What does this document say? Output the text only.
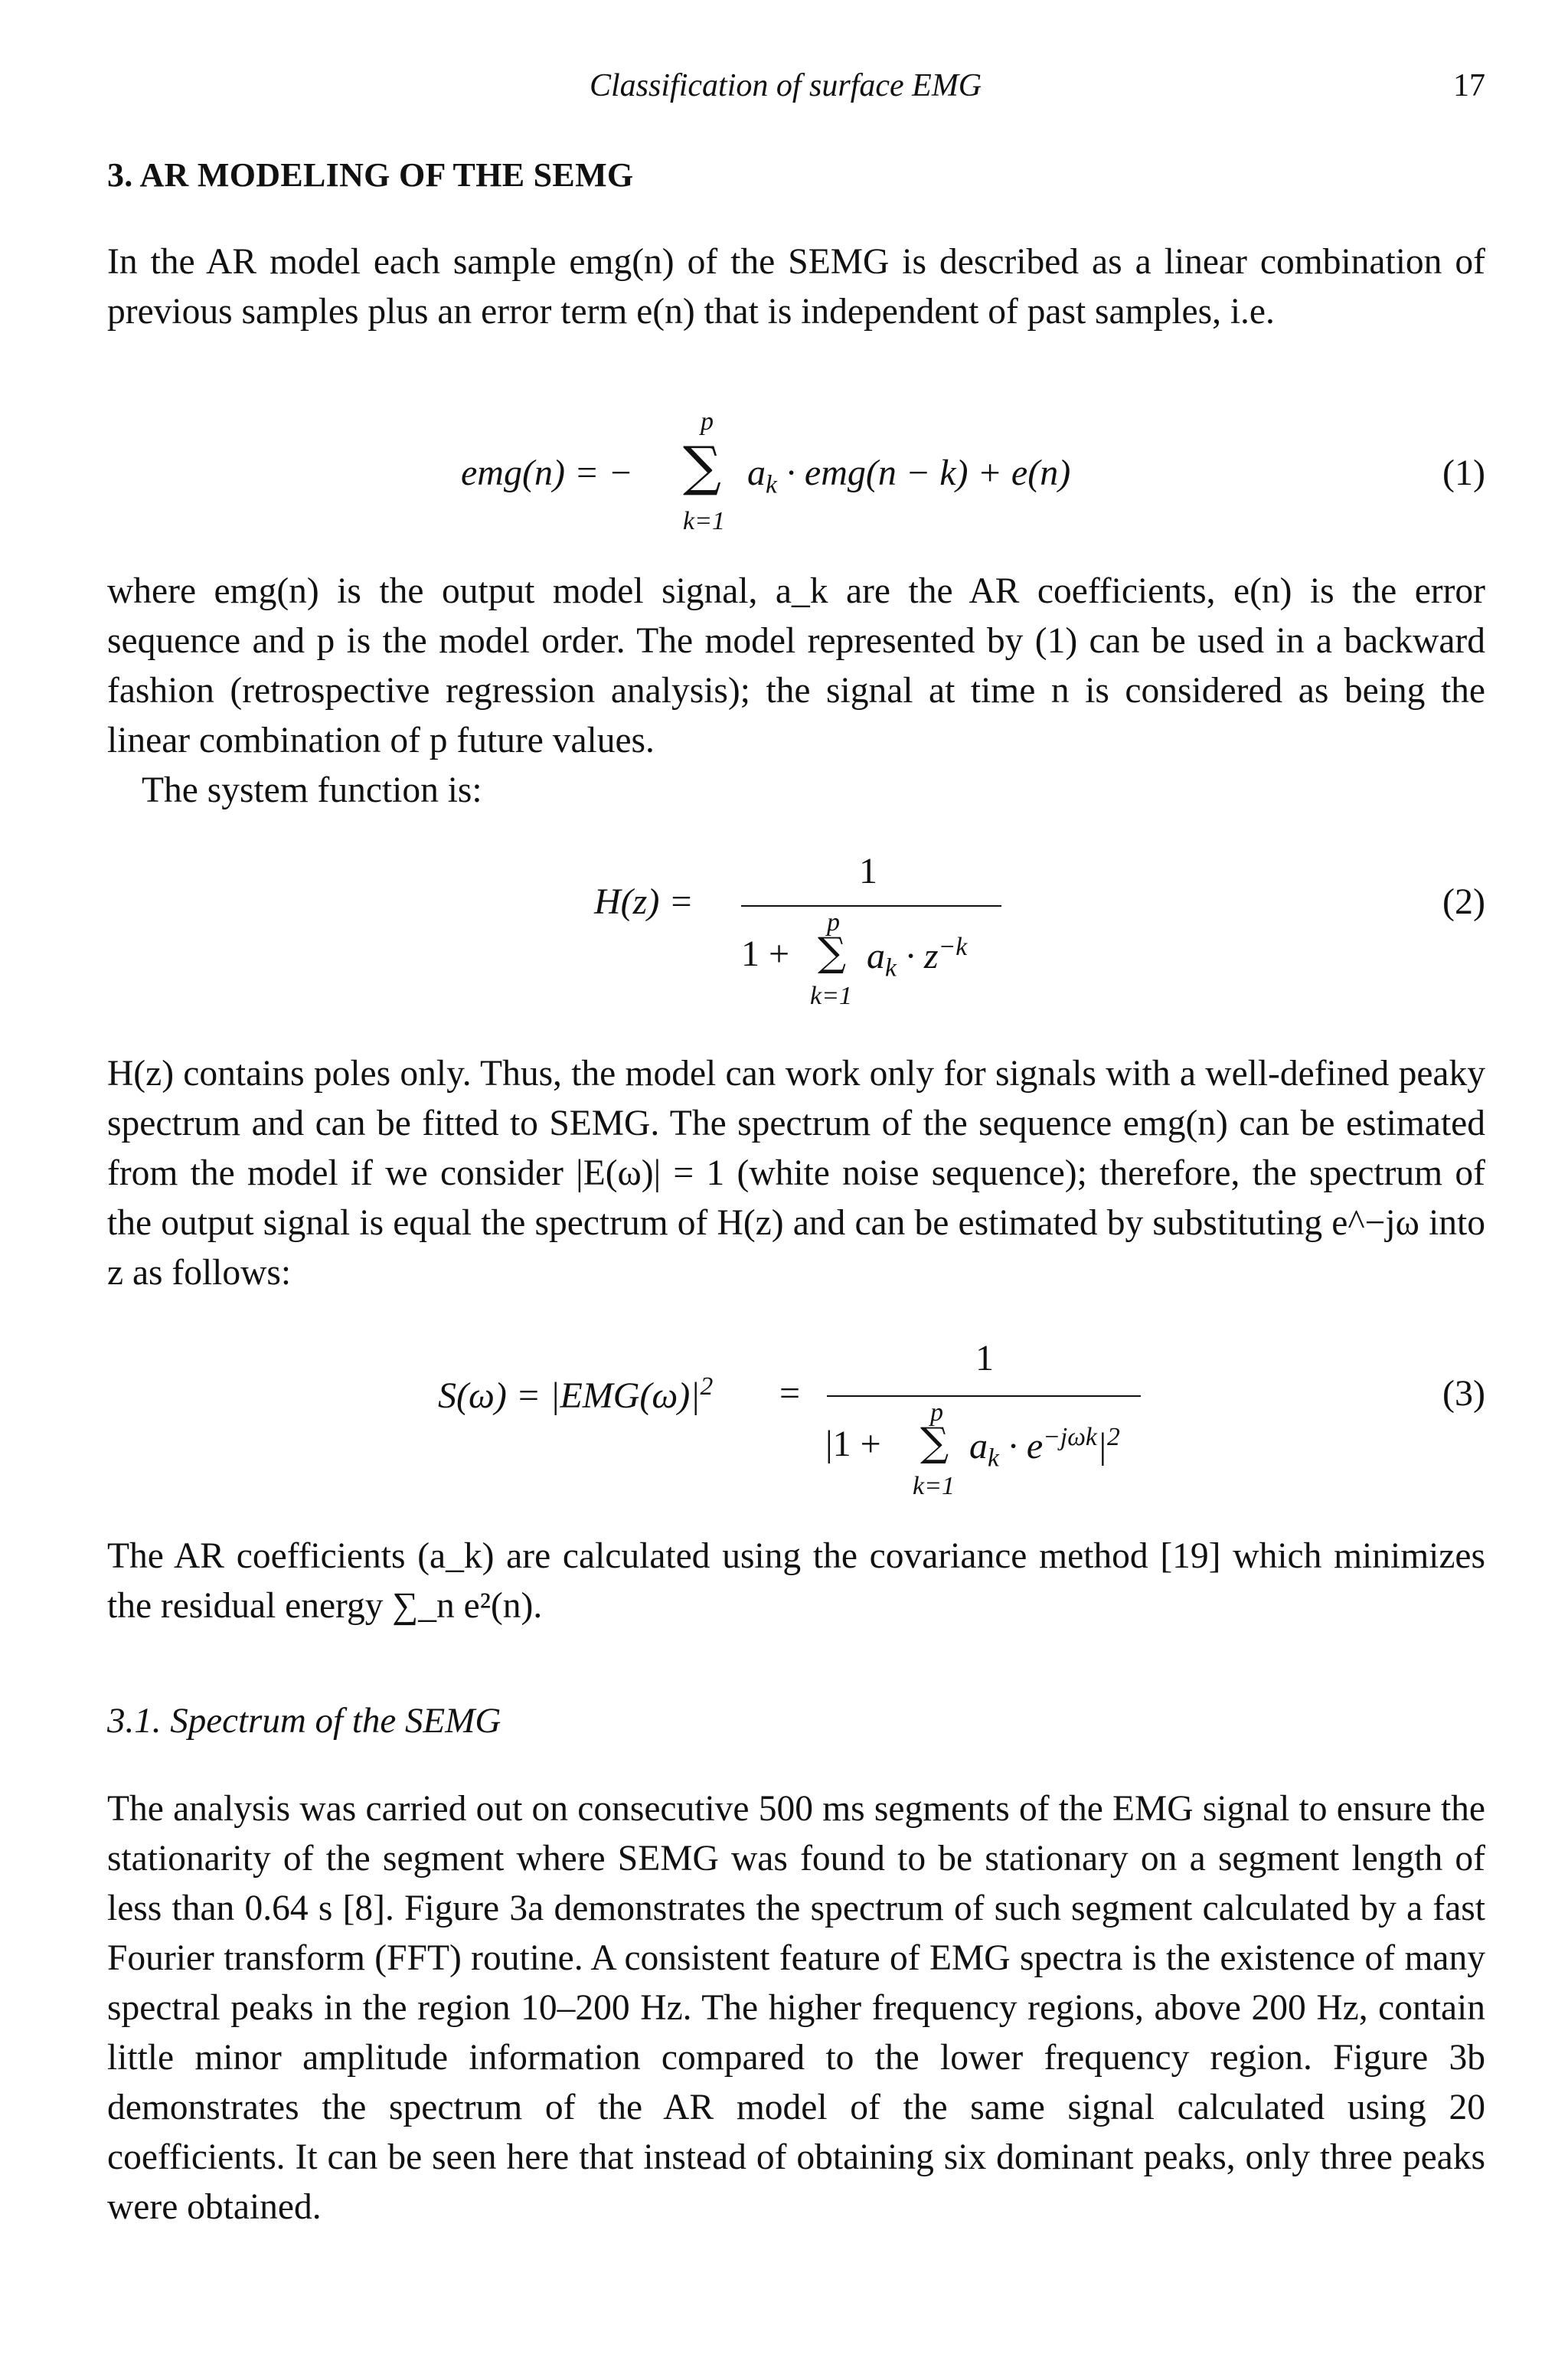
Classification of surface EMG	17
3. AR MODELING OF THE SEMG
In the AR model each sample emg(n) of the SEMG is described as a linear combination of previous samples plus an error term e(n) that is independent of past samples, i.e.
emg(n) = −
p
∑
k=1
$a_k \cdot emg(n - k) + e(n)$	(1)
where emg(n) is the output model signal, a_k are the AR coefficients, e(n) is the error sequence and p is the model order. The model represented by (1) can be used in a backward fashion (retrospective regression analysis); the signal at time n is considered as being the linear combination of p future values.
The system function is:
H(z) =
1
1 +
p
∑
k=1
$a_k \cdot z^{-k}$
(2)
H(z) contains poles only. Thus, the model can work only for signals with a well-defined peaky spectrum and can be fitted to SEMG. The spectrum of the sequence emg(n) can be estimated from the model if we consider |E(ω)| = 1 (white noise sequence); therefore, the spectrum of the output signal is equal the spectrum of H(z) and can be estimated by substituting e^−jω into z as follows:
$S(\omega) = |EMG(\omega)|^2$ =
1
|1 +
p
∑
k=1
$a_k \cdot e^{-j\omega k}|^2$
(3)
The AR coefficients (a_k) are calculated using the covariance method [19] which minimizes the residual energy ∑_n e²(n).
3.1. Spectrum of the SEMG
The analysis was carried out on consecutive 500 ms segments of the EMG signal to ensure the stationarity of the segment where SEMG was found to be stationary on a segment length of less than 0.64 s [8]. Figure 3a demonstrates the spectrum of such segment calculated by a fast Fourier transform (FFT) routine. A consistent feature of EMG spectra is the existence of many spectral peaks in the region 10–200 Hz. The higher frequency regions, above 200 Hz, contain little minor amplitude information compared to the lower frequency region. Figure 3b demonstrates the spectrum of the AR model of the same signal calculated using 20 coefficients. It can be seen here that instead of obtaining six dominant peaks, only three peaks were obtained.
